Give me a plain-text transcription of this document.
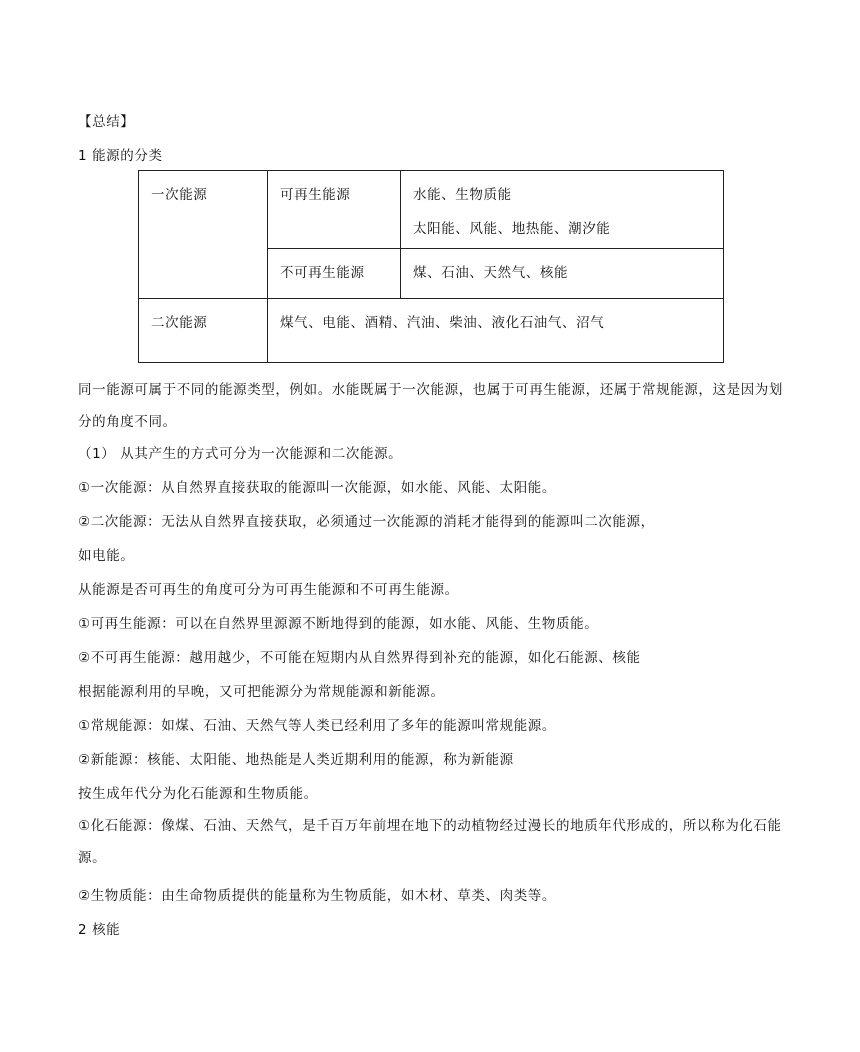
【总结】
1 能源的分类
一次能源	可再生能源	水能、生物质能
太阳能、风能、地热能、潮汐能

	不可再生能源	煤、石油、天然气、核能

二次能源	煤气、电能、酒精、汽油、柴油、液化石油气、沼气	
同一能源可属于不同的能源类型，例如。水能既属于一次能源，也属于可再生能源，还属于常规能源，这是因为划分的角度不同。
（1） 从其产生的方式可分为一次能源和二次能源。
①一次能源：从自然界直接获取的能源叫一次能源，如水能、风能、太阳能。
②二次能源：无法从自然界直接获取，必须通过一次能源的消耗才能得到的能源叫二次能源，
如电能。
从能源是否可再生的角度可分为可再生能源和不可再生能源。
①可再生能源：可以在自然界里源源不断地得到的能源，如水能、风能、生物质能。
②不可再生能源：越用越少，不可能在短期内从自然界得到补充的能源，如化石能源、核能
根据能源利用的早晚，又可把能源分为常规能源和新能源。
①常规能源：如煤、石油、天然气等人类已经利用了多年的能源叫常规能源。
②新能源：核能、太阳能、地热能是人类近期利用的能源，称为新能源
按生成年代分为化石能源和生物质能。
①化石能源：像煤、石油、天然气，是千百万年前埋在地下的动植物经过漫长的地质年代形成的，所以称为化石能源。
②生物质能：由生命物质提供的能量称为生物质能，如木材、草类、肉类等。
2 核能
